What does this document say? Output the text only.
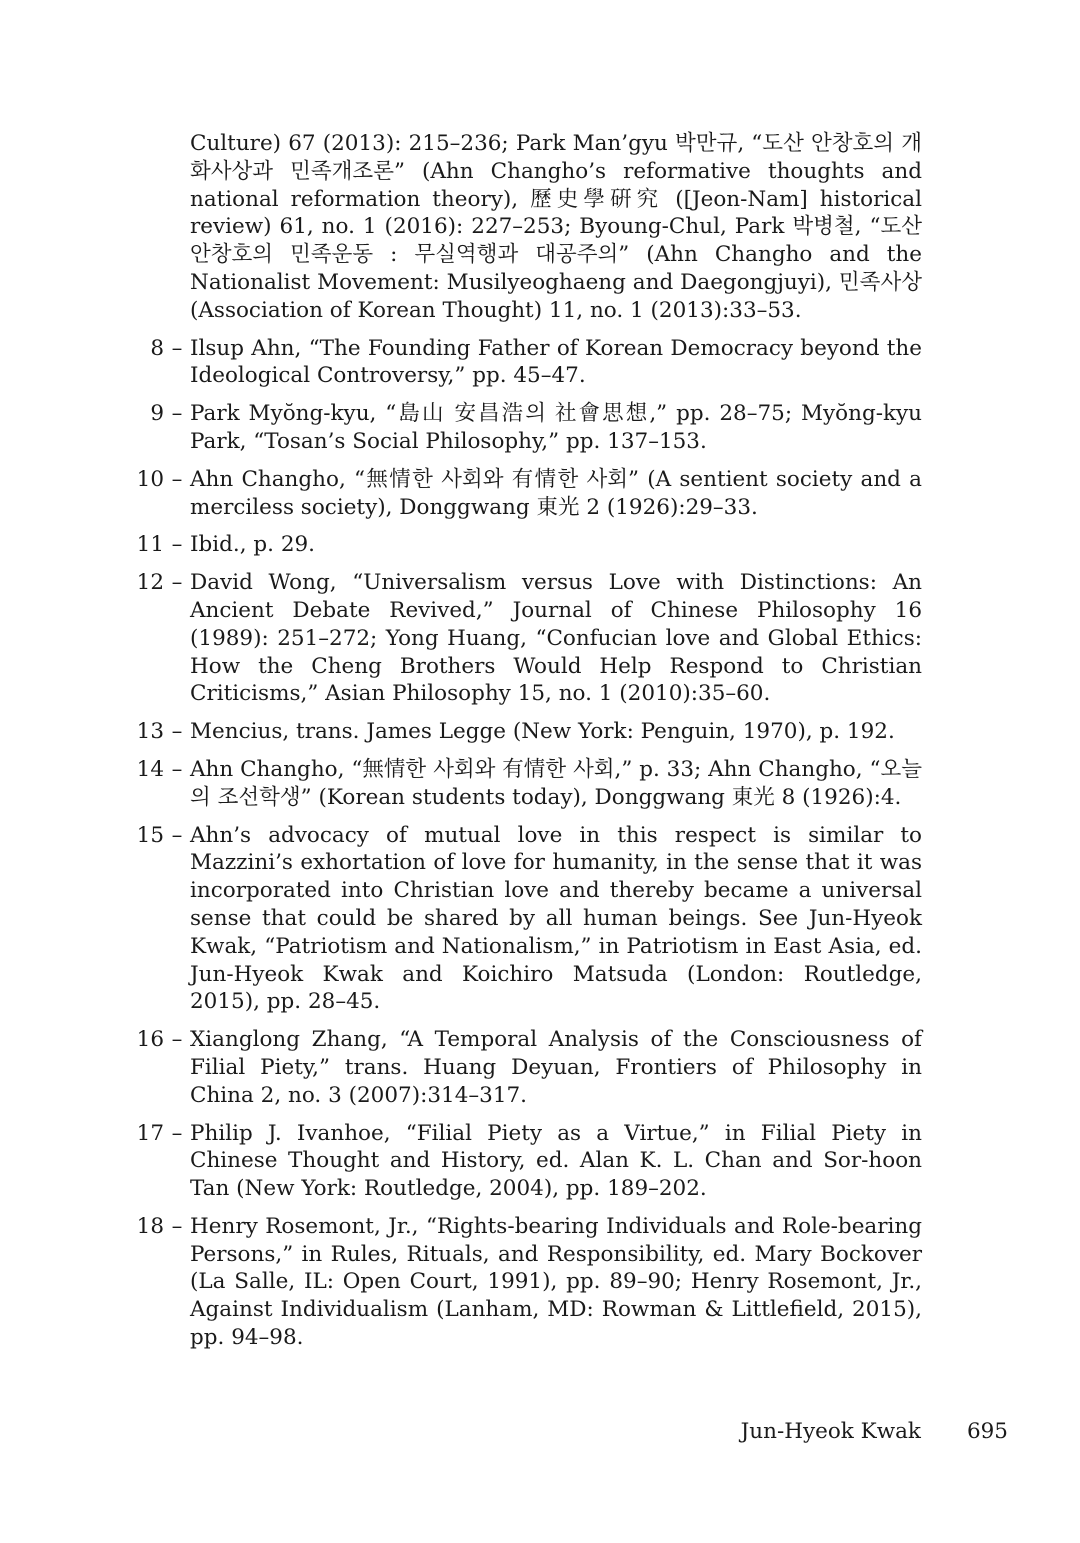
Culture) 67 (2013): 215–236; Park Man’gyu 박만규, “도산 안창호의 개화사상과 민족개조론” (Ahn Changho’s reformative thoughts and national reformation theory), 歷史學硏究 ([Jeon-Nam] historical review) 61, no. 1 (2016): 227–253; Byoung-Chul, Park 박병철, “도산 안창호의 민족운동 : 무실역행과 대공주의” (Ahn Changho and the Nationalist Movement: Musilyeoghaeng and Daegongjuyi), 민족사상 (Association of Korean Thought) 11, no. 1 (2013):33–53.
8 – Ilsup Ahn, “The Founding Father of Korean Democracy beyond the Ideological Controversy,” pp. 45–47.
9 – Park Myŏng-kyu, “島山 安昌浩의 社會思想,” pp. 28–75; Myŏng-kyu Park, “Tosan’s Social Philosophy,” pp. 137–153.
10 – Ahn Changho, “無情한 사회와 有情한 사회” (A sentient society and a merciless society), Donggwang 東光 2 (1926):29–33.
11 – Ibid., p. 29.
12 – David Wong, “Universalism versus Love with Distinctions: An Ancient Debate Revived,” Journal of Chinese Philosophy 16 (1989): 251–272; Yong Huang, “Confucian love and Global Ethics: How the Cheng Brothers Would Help Respond to Christian Criticisms,” Asian Philosophy 15, no. 1 (2010):35–60.
13 – Mencius, trans. James Legge (New York: Penguin, 1970), p. 192.
14 – Ahn Changho, “無情한 사회와 有情한 사회,” p. 33; Ahn Changho, “오늘의 조선학생” (Korean students today), Donggwang 東光 8 (1926):4.
15 – Ahn’s advocacy of mutual love in this respect is similar to Mazzini’s exhortation of love for humanity, in the sense that it was incorporated into Christian love and thereby became a universal sense that could be shared by all human beings. See Jun-Hyeok Kwak, “Patriotism and Nationalism,” in Patriotism in East Asia, ed. Jun-Hyeok Kwak and Koichiro Matsuda (London: Routledge, 2015), pp. 28–45.
16 – Xianglong Zhang, “A Temporal Analysis of the Consciousness of Filial Piety,” trans. Huang Deyuan, Frontiers of Philosophy in China 2, no. 3 (2007):314–317.
17 – Philip J. Ivanhoe, “Filial Piety as a Virtue,” in Filial Piety in Chinese Thought and History, ed. Alan K. L. Chan and Sor-hoon Tan (New York: Routledge, 2004), pp. 189–202.
18 – Henry Rosemont, Jr., “Rights-bearing Individuals and Role-bearing Persons,” in Rules, Rituals, and Responsibility, ed. Mary Bockover (La Salle, IL: Open Court, 1991), pp. 89–90; Henry Rosemont, Jr., Against Individualism (Lanham, MD: Rowman & Littlefield, 2015), pp. 94–98.
Jun-Hyeok Kwak 695
